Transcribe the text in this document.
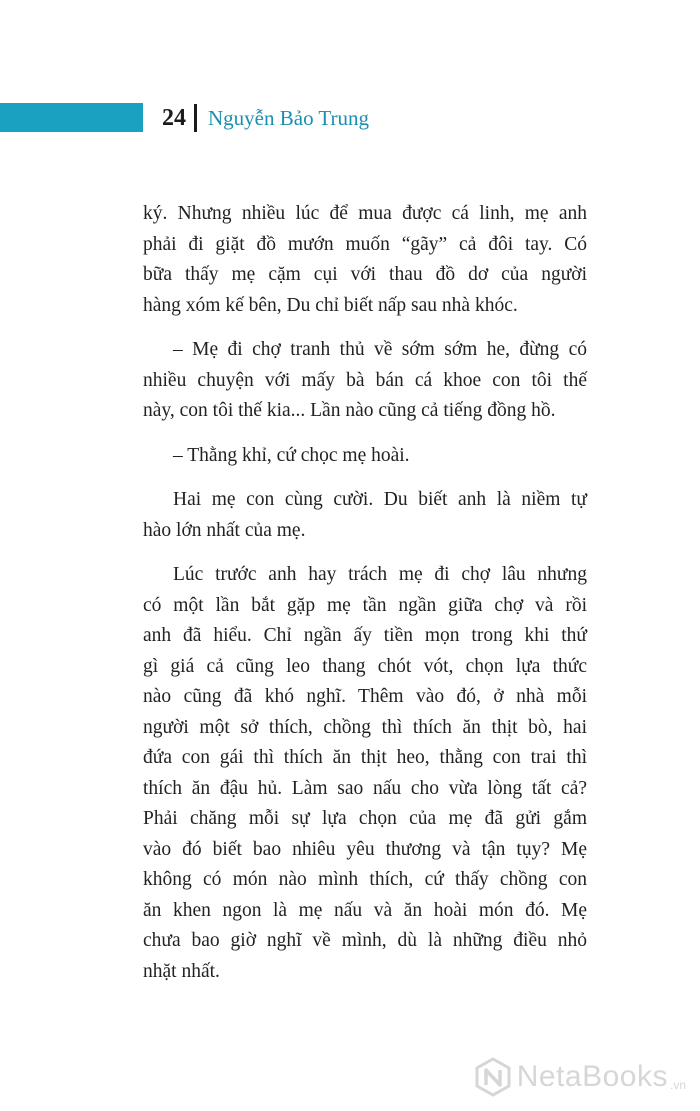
24 Nguyễn Bảo Trung

ký. Nhưng nhiều lúc để mua được cá linh, mẹ anh
phải đi giặt đồ mướn muốn “gãy” cả đôi tay. Có
bữa thấy mẹ cặm cụi với thau đồ dơ của người
hàng xóm kế bên, Du chỉ biết nấp sau nhà khóc.

– Mẹ đi chợ tranh thủ về sớm sớm he, đừng có
nhiều chuyện với mấy bà bán cá khoe con tôi thế
này, con tôi thế kia... Lần nào cũng cả tiếng đồng hồ.

– Thằng khỉ, cứ chọc mẹ hoài.

Hai mẹ con cùng cười. Du biết anh là niềm tự
hào lớn nhất của mẹ.

Lúc trước anh hay trách mẹ đi chợ lâu nhưng
có một lần bắt gặp mẹ tần ngần giữa chợ và rồi
anh đã hiểu. Chỉ ngần ấy tiền mọn trong khi thứ
gì giá cả cũng leo thang chót vót, chọn lựa thức
nào cũng đã khó nghĩ. Thêm vào đó, ở nhà mỗi
người một sở thích, chồng thì thích ăn thịt bò, hai
đứa con gái thì thích ăn thịt heo, thằng con trai thì
thích ăn đậu hủ. Làm sao nấu cho vừa lòng tất cả?
Phải chăng mỗi sự lựa chọn của mẹ đã gửi gắm
vào đó biết bao nhiêu yêu thương và tận tụy? Mẹ
không có món nào mình thích, cứ thấy chồng con
ăn khen ngon là mẹ nấu và ăn hoài món đó. Mẹ
chưa bao giờ nghĩ về mình, dù là những điều nhỏ
nhặt nhất.

NetaBooks .vn
